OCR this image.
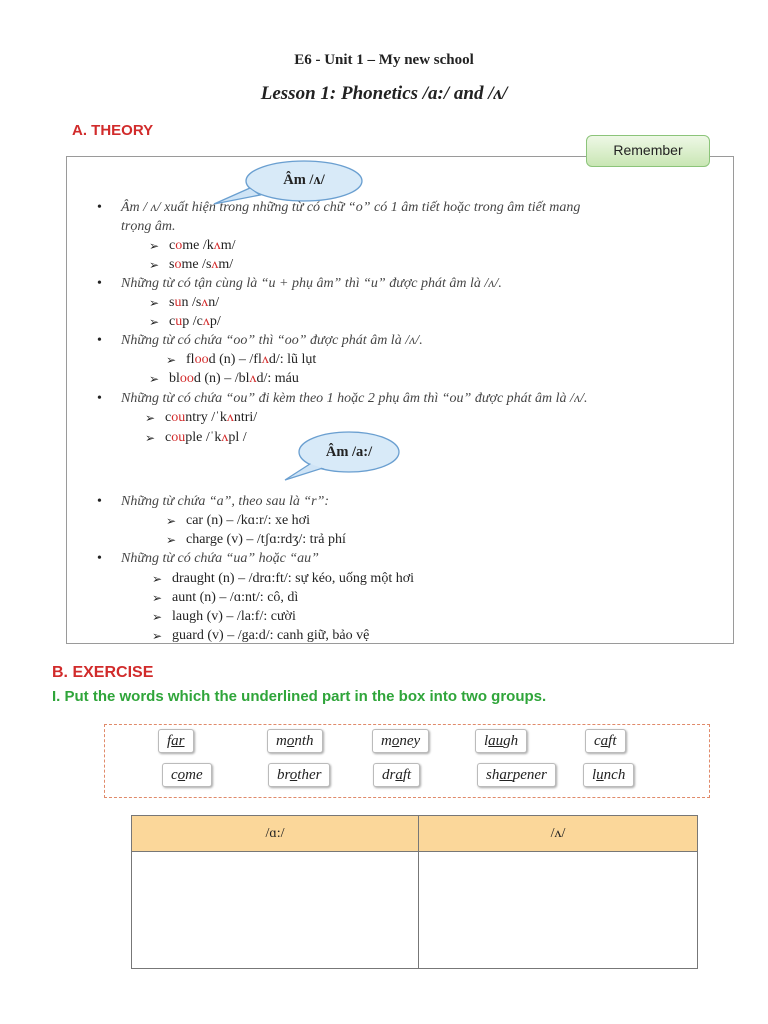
E6 - Unit 1 – My new school
Lesson 1: Phonetics /a:/ and /ʌ/
A. THEORY
Remember
Âm /ʌ/
Âm /a:/
• Âm / ʌ/ xuất hiện trong những từ có chữ “o” có 1 âm tiết hoặc trong âm tiết mang
trọng âm.
➢ come /kʌm/
➢ some /sʌm/
• Những từ có tận cùng là “u + phụ âm” thì “u” được phát âm là /ʌ/.
➢ sun /sʌn/
➢ cup /cʌp/
• Những từ có chứa “oo” thì “oo” được phát âm là /ʌ/.
➢ flood (n) – /flʌd/: lũ lụt
➢ blood (n) – /blʌd/: máu
• Những từ có chứa “ou” đi kèm theo 1 hoặc 2 phụ âm thì “ou” được phát âm là /ʌ/.
➢ country /ˈkʌntri/
➢ couple /ˈkʌpl /
• Những từ chứa “a”, theo sau là “r”:
➢ car (n) – /kɑ:r/: xe hơi
➢ charge (v) – /tʃɑ:rdʒ/: trả phí
• Những từ có chứa “ua” hoặc “au”
➢ draught (n) – /drɑ:ft/: sự kéo, uống một hơi
➢ aunt (n) – /ɑ:nt/: cô, dì
➢ laugh (v) – /la:f/: cười
➢ guard (v) – /ga:d/: canh giữ, bảo vệ
B. EXERCISE
I. Put the words which the underlined part in the box into two groups.
far	month	money	laugh	caft
come	brother	draft	sharpener	lunch
/ɑ:/	/ʌ/
